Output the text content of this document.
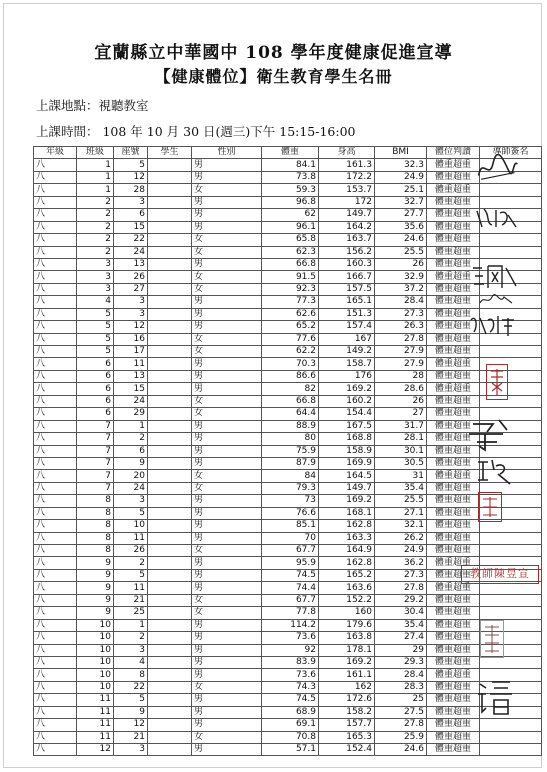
宜蘭縣立中華國中 108 學年度健康促進宣導
【健康體位】衛生教育學生名冊
上課地點：視聽教室
上課時間： 108 年 10 月 30 日(週三)下午 15:15-16:00
年級	班級	座號	學生	性別	體重	身高	BMI	體位判讀	導師簽名
八	1	5		男	84.1	161.3	32.3	體重超重	
八	1	12		男	73.8	172.2	24.9	體重超重	
八	1	28		女	59.3	153.7	25.1	體重超重	
八	2	3		男	96.8	172	32.7	體重超重	
八	2	6		男	62	149.7	27.7	體重超重	
八	2	15		男	96.1	164.2	35.6	體重超重	
八	2	22		女	65.8	163.7	24.6	體重超重	
八	2	24		女	62.3	156.2	25.5	體重超重	
八	3	13		男	66.8	160.3	26	體重超重	
八	3	26		女	91.5	166.7	32.9	體重超重	
八	3	27		女	92.3	157.5	37.2	體重超重	
八	4	3		男	77.3	165.1	28.4	體重超重	
八	5	3		男	62.6	151.3	27.3	體重超重	
八	5	12		男	65.2	157.4	26.3	體重超重	
八	5	16		女	77.6	167	27.8	體重超重	
八	5	17		女	62.2	149.2	27.9	體重超重	
八	6	11		男	70.3	158.7	27.9	體重超重	
八	6	13		男	86.6	176	28	體重超重	
八	6	15		男	82	169.2	28.6	體重超重	
八	6	24		女	66.8	160.2	26	體重超重	
八	6	29		女	64.4	154.4	27	體重超重	
八	7	1		男	88.9	167.5	31.7	體重超重	
八	7	2		男	80	168.8	28.1	體重超重	
八	7	6		男	75.9	158.9	30.1	體重超重	
八	7	9		男	87.9	169.9	30.5	體重超重	
八	7	20		女	84	164.5	31	體重超重	
八	7	24		女	79.3	149.7	35.4	體重超重	
八	8	3		男	73	169.2	25.5	體重超重	
八	8	5		男	76.6	168.1	27.1	體重超重	
八	8	10		男	85.1	162.8	32.1	體重超重	
八	8	11		男	70	163.3	26.2	體重超重	
八	8	26		女	67.7	164.9	24.9	體重超重	
八	9	2		男	95.9	162.8	36.2	體重超重	
八	9	5		男	74.5	165.2	27.3	體重超重	
八	9	11		男	74.4	163.6	27.8	體重超重	
八	9	21		女	67.7	152.2	29.2	體重超重	
八	9	25		女	77.8	160	30.4	體重超重	
八	10	1		男	114.2	179.6	35.4	體重超重	
八	10	2		男	73.6	163.8	27.4	體重超重	
八	10	3		男	92	178.1	29	體重超重	
八	10	4		男	83.9	169.2	29.3	體重超重	
八	10	8		男	73.6	161.1	28.4	體重超重	
八	10	22		女	74.3	162	28.3	體重超重	
八	11	5		男	74.5	172.6	25	體重超重	
八	11	9		男	68.9	158.2	27.5	體重超重	
八	11	12		男	69.1	157.7	27.8	體重超重	
八	11	21		女	70.8	165.3	25.9	體重超重	
八	12	3		男	57.1	152.4	24.6	體重超重	
教師陳昱宣
